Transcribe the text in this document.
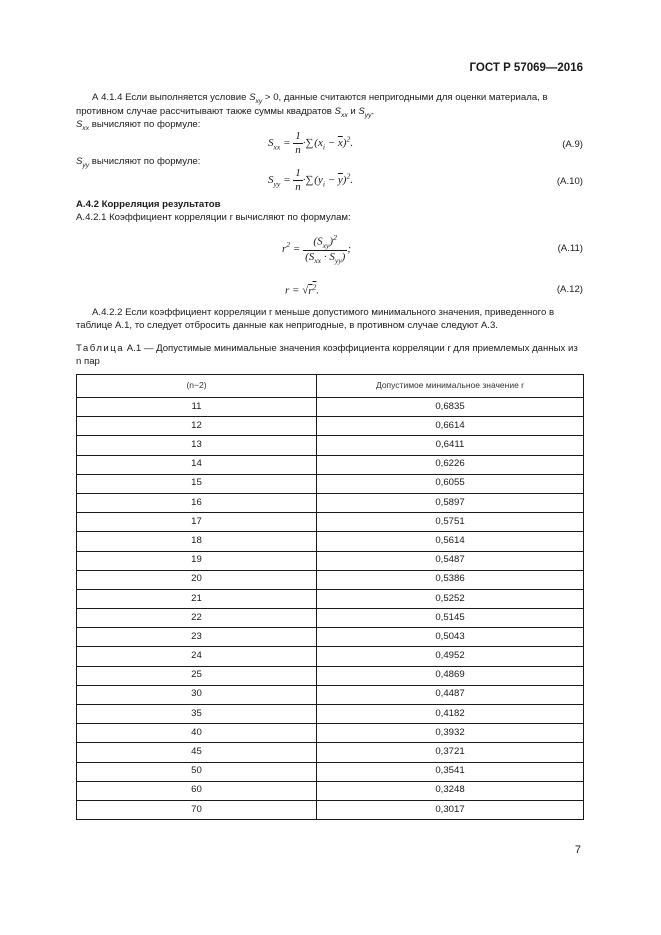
ГОСТ Р 57069—2016
А 4.1.4 Если выполняется условие $S_{xy} > 0$, данные считаются непригодными для оценки материала, в противном случае рассчитывают также суммы квадратов $S_{xx}$ и $S_{yy}$.
$S_{xx}$ вычисляют по формуле:
$S_{xx} = \frac{1}{n}$ ·∑ $(x_i - \overline{x})^2$.	(А.9)
$S_{yy}$ вычисляют по формуле:
$S_{yy} = \frac{1}{n}$ ·∑ $(y_i - \overline{y})^2$.	(А.10)
А.4.2 Корреляция результатов
А.4.2.1 Коэффициент корреляции r вычисляют по формулам:
$r^2 = \frac{(S_{xy})^2}{(S_{xx} \cdot S_{yy})}$ ;	(А.11)
$r = √r^2$.	(А.12)
А.4.2.2 Если коэффициент корреляции r меньше допустимого минимального значения, приведенного в таблице А.1, то следует отбросить данные как непригодные, в противном случае следуют А.3.
Таблица А.1 — Допустимые минимальные значения коэффициента корреляции r для приемлемых данных из n пар
(n−2)	Допустимое минимальное значение r
11	0,6835
12	0,6614
13	0,6411
14	0,6226
15	0,6055
16	0,5897
17	0,5751
18	0,5614
19	0,5487
20	0,5386
21	0,5252
22	0,5145
23	0,5043
24	0,4952
25	0,4869
30	0,4487
35	0,4182
40	0,3932
45	0,3721
50	0,3541
60	0,3248
70	0,3017
7
